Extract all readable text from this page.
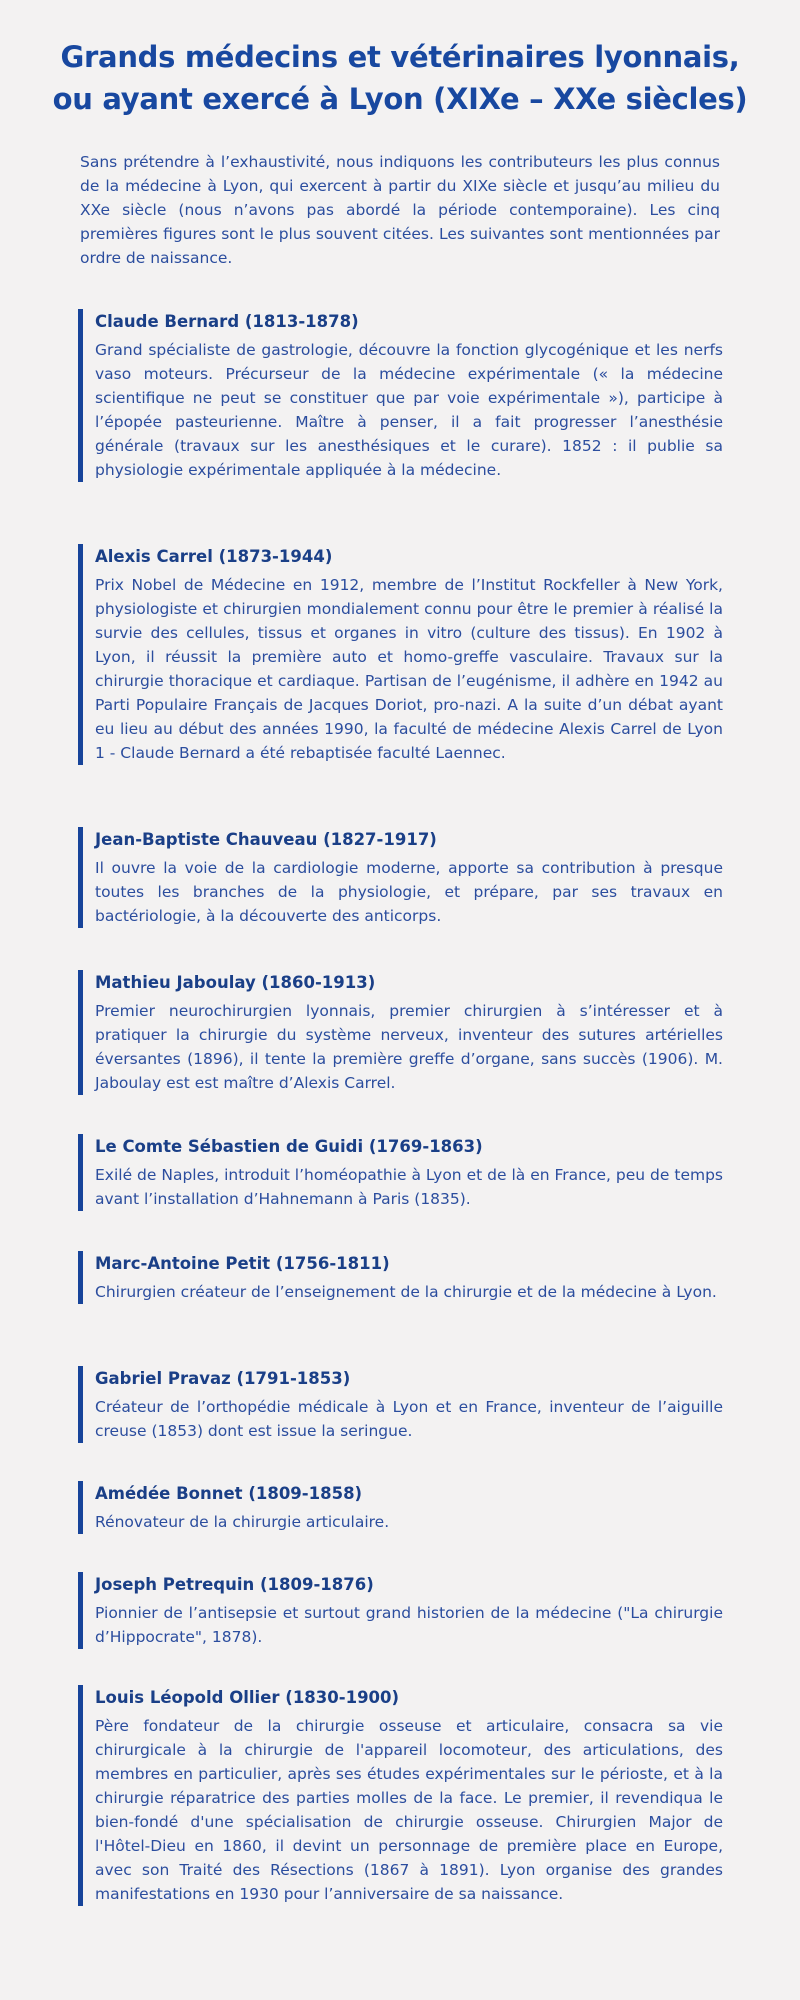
Grands médecins et vétérinaires lyonnais,
ou ayant exercé à Lyon (XIXe – XXe siècles)

Sans prétendre à l’exhaustivité, nous indiquons les contributeurs les plus connus de la médecine à Lyon, qui exercent à partir du XIXe siècle et jusqu’au milieu du XXe siècle (nous n’avons pas abordé la période contemporaine). Les cinq premières figures sont le plus souvent citées. Les suivantes sont mentionnées par ordre de naissance.

Claude Bernard (1813-1878)

Grand spécialiste de gastrologie, découvre la fonction glycogénique et les nerfs vaso moteurs. Précurseur de la médecine expérimentale (« la médecine scientifique ne peut se constituer que par voie expérimentale »), participe à l’épopée pasteurienne. Maître à penser, il a fait progresser l’anesthésie générale (travaux sur les anesthésiques et le curare). 1852 : il publie sa physiologie expérimentale appliquée à la médecine.

Alexis Carrel (1873-1944)

Prix Nobel de Médecine en 1912, membre de l’Institut Rockfeller à New York, physiologiste et chirurgien mondialement connu pour être le premier à réalisé la survie des cellules, tissus et organes in vitro (culture des tissus). En 1902 à Lyon, il réussit la première auto et homo-greffe vasculaire. Travaux sur la chirurgie thoracique et cardiaque. Partisan de l’eugénisme, il adhère en 1942 au Parti Populaire Français de Jacques Doriot, pro-nazi. A la suite d’un débat ayant eu lieu au début des années 1990, la faculté de médecine Alexis Carrel de Lyon 1 - Claude Bernard a été rebaptisée faculté Laennec.

Jean-Baptiste Chauveau (1827-1917)

Il ouvre la voie de la cardiologie moderne, apporte sa contribution à presque toutes les branches de la physiologie, et prépare, par ses travaux en bactériologie, à la découverte des anticorps.

Mathieu Jaboulay (1860-1913)

Premier neurochirurgien lyonnais, premier chirurgien à s’intéresser et à pratiquer la chirurgie du système nerveux, inventeur des sutures artérielles éversantes (1896), il tente la première greffe d’organe, sans succès (1906). M. Jaboulay est est maître d’Alexis Carrel.

Le Comte Sébastien de Guidi (1769-1863)

Exilé de Naples, introduit l’homéopathie à Lyon et de là en France, peu de temps avant l’installation d’Hahnemann à Paris (1835).

Marc-Antoine Petit (1756-1811)

Chirurgien créateur de l’enseignement de la chirurgie et de la médecine à Lyon.

Gabriel Pravaz (1791-1853)

Créateur de l’orthopédie médicale à Lyon et en France, inventeur de l’aiguille creuse (1853) dont est issue la seringue.

Amédée Bonnet (1809-1858)

Rénovateur de la chirurgie articulaire.

Joseph Petrequin (1809-1876)

Pionnier de l’antisepsie et surtout grand historien de la médecine ("La chirurgie d’Hippocrate", 1878).

Louis Léopold Ollier (1830-1900)

Père fondateur de la chirurgie osseuse et articulaire, consacra sa vie chirurgicale à la chirurgie de l'appareil locomoteur, des articulations, des membres en particulier, après ses études expérimentales sur le périoste, et à la chirurgie réparatrice des parties molles de la face. Le premier, il revendiqua le bien-fondé d'une spécialisation de chirurgie osseuse. Chirurgien Major de l'Hôtel-Dieu en 1860, il devint un personnage de première place en Europe, avec son Traité des Résections (1867 à 1891). Lyon organise des grandes manifestations en 1930 pour l’anniversaire de sa naissance.
